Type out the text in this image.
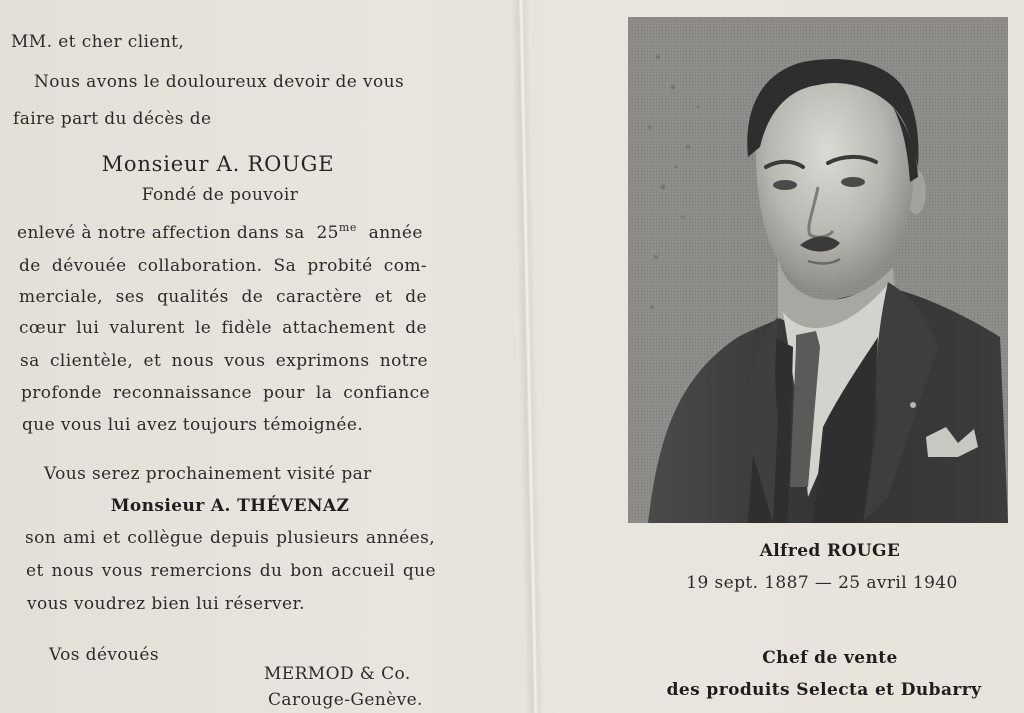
MM. et cher client,
Nous avons le douloureux devoir de vous
faire part du décès de
Monsieur A. ROUGE
Fondé de pouvoir
enlevé à notre affection dans sa $25^{me}$ année
de dévouée collaboration. Sa probité com-
merciale, ses qualités de caractère et de
cœur lui valurent le fidèle attachement de
sa clientèle, et nous vous exprimons notre
profonde reconnaissance pour la confiance
que vous lui avez toujours témoignée.
Vous serez prochainement visité par
Monsieur A. THÉVENAZ
son ami et collègue depuis plusieurs années,
et nous vous remercions du bon accueil que
vous voudrez bien lui réserver.
Vos dévoués
MERMOD & Co.
Carouge-Genève.
Alfred ROUGE
19 sept. 1887 — 25 avril 1940
Chef de vente
des produits Selecta et Dubarry
